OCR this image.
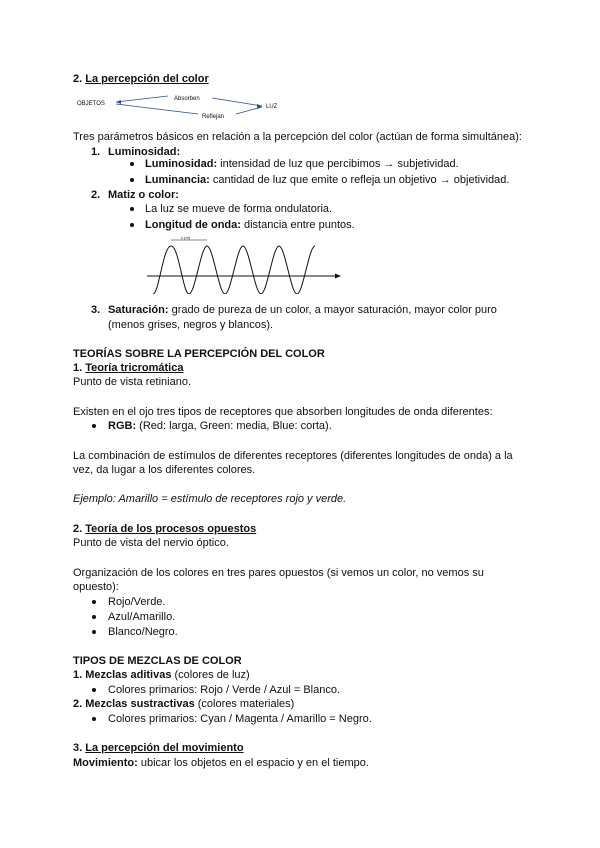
2. La percepción del color
OBJETOS
Absorben
Reflejan
LUZ
Tres parámetros básicos en relación a la percepción del color (actúan de forma simultánea):
1. Luminosidad:
Luminosidad: intensidad de luz que percibimos → subjetividad.
Luminancia: cantidad de luz que emite o refleja un objetivo → objetividad.
2. Matiz o color:
La luz se mueve de forma ondulatoria.
Longitud de onda: distancia entre puntos.
λ (m)
3. Saturación: grado de pureza de un color, a mayor saturación, mayor color puro
(menos grises, negros y blancos).
TEORÍAS SOBRE LA PERCEPCIÓN DEL COLOR
1. Teoría tricromática
Punto de vista retiniano.
Existen en el ojo tres tipos de receptores que absorben longitudes de onda diferentes:
RGB: (Red: larga, Green: media, Blue: corta).
La combinación de estímulos de diferentes receptores (diferentes longitudes de onda) a la
vez, da lugar a los diferentes colores.
Ejemplo: Amarillo = estímulo de receptores rojo y verde.
2. Teoría de los procesos opuestos
Punto de vista del nervio óptico.
Organización de los colores en tres pares opuestos (si vemos un color, no vemos su
opuesto):
Rojo/Verde.
Azul/Amarillo.
Blanco/Negro.
TIPOS DE MEZCLAS DE COLOR
1. Mezclas aditivas (colores de luz)
Colores primarios: Rojo / Verde / Azul = Blanco.
2. Mezclas sustractivas (colores materiales)
Colores primarios: Cyan / Magenta / Amarillo = Negro.
3. La percepción del movimiento
Movimiento: ubicar los objetos en el espacio y en el tiempo.
